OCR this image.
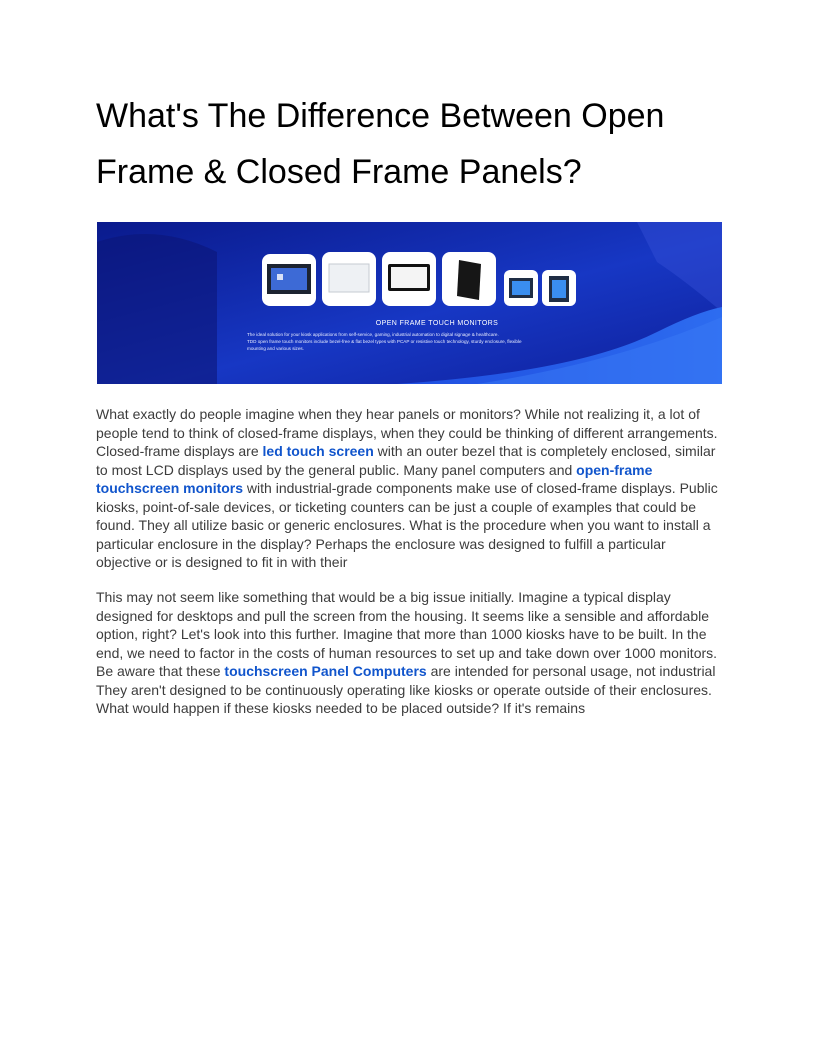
What's The Difference Between Open Frame & Closed Frame Panels?
OPEN FRAME TOUCH MONITORS
The ideal solution for your kiosk applications from self-service, gaming, industrial automation to digital signage & healthcare.
TDD open frame touch monitors include bezel-free & flat bezel types with PCAP or resistive touch technology, sturdy enclosure, flexible
mounting and various sizes.

What exactly do people imagine when they hear panels or monitors? While not realizing it, a lot of people tend to think of closed-frame displays, when they could be thinking of different arrangements. Closed-frame displays are led touch screen with an outer bezel that is completely enclosed, similar to most LCD displays used by the general public. Many panel computers and open-frame touchscreen monitors with industrial-grade components make use of closed-frame displays. Public kiosks, point-of-sale devices, or ticketing counters can be just a couple of examples that could be found. They all utilize basic or generic enclosures. What is the procedure when you want to install a particular enclosure in the display? Perhaps the enclosure was designed to fulfill a particular objective or is designed to fit in with their

This may not seem like something that would be a big issue initially. Imagine a typical display designed for desktops and pull the screen from the housing. It seems like a sensible and affordable option, right? Let's look into this further. Imagine that more than 1000 kiosks have to be built. In the end, we need to factor in the costs of human resources to set up and take down over 1000 monitors. Be aware that these touchscreen Panel Computers are intended for personal usage, not industrial They aren't designed to be continuously operating like kiosks or operate outside of their enclosures. What would happen if these kiosks needed to be placed outside? If it's remains
